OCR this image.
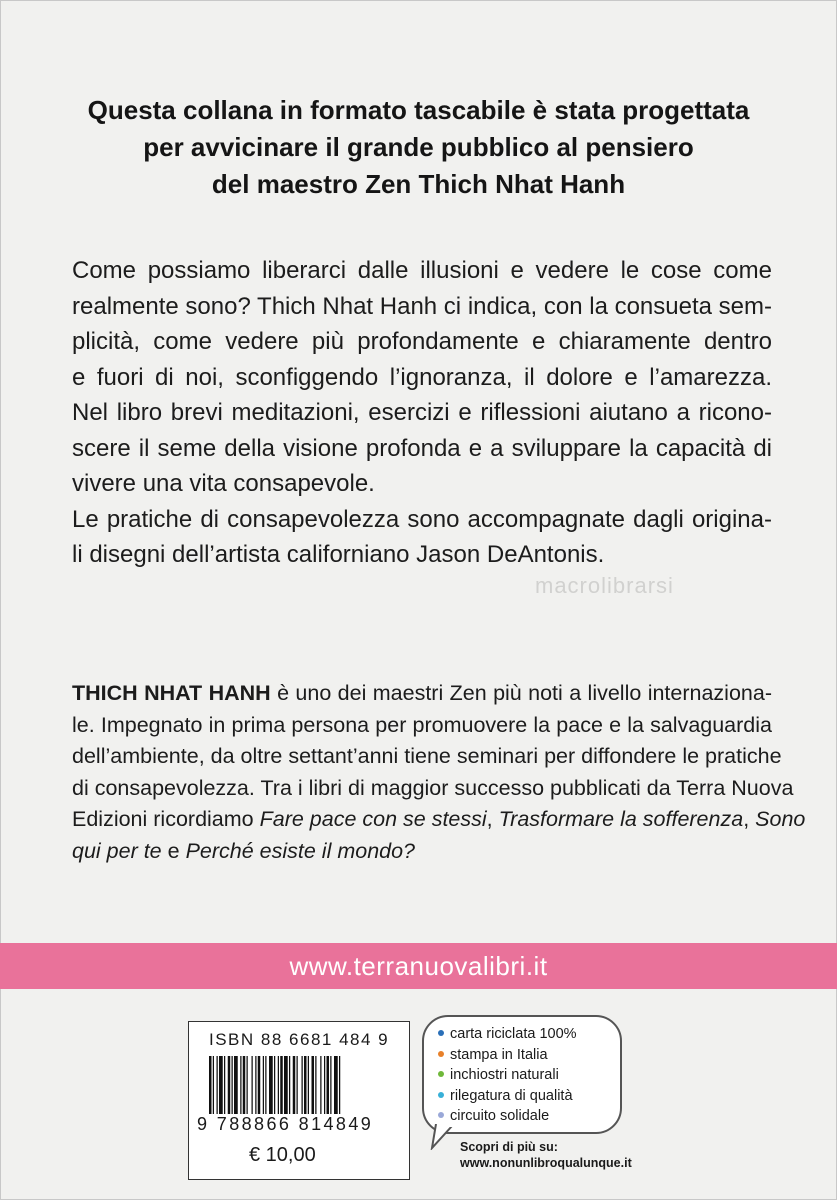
Questa collana in formato tascabile è stata progettata
per avvicinare il grande pubblico al pensiero
del maestro Zen Thich Nhat Hanh
Come possiamo liberarci dalle illusioni e vedere le cose come
realmente sono? Thich Nhat Hanh ci indica, con la consueta sem-
plicità, come vedere più profondamente e chiaramente dentro
e fuori di noi, sconfiggendo l’ignoranza, il dolore e l’amarezza.
Nel libro brevi meditazioni, esercizi e riflessioni aiutano a ricono-
scere il seme della visione profonda e a sviluppare la capacità di
vivere una vita consapevole.
Le pratiche di consapevolezza sono accompagnate dagli origina-
li disegni dell’artista californiano Jason DeAntonis.
macrolibrarsi
THICH NHAT HANH è uno dei maestri Zen più noti a livello internaziona-
le. Impegnato in prima persona per promuovere la pace e la salvaguardia
dell’ambiente, da oltre settant’anni tiene seminari per diffondere le pratiche
di consapevolezza. Tra i libri di maggior successo pubblicati da Terra Nuova
Edizioni ricordiamo Fare pace con se stessi, Trasformare la sofferenza, Sono
qui per te e Perché esiste il mondo?
www.terranuovalibri.it
ISBN 88 6681 484 9
9 788866 814849
€ 10,00
carta riciclata 100%
stampa in Italia
inchiostri naturali
rilegatura di qualità
circuito solidale
Scopri di più su:
www.nonunlibroqualunque.it
